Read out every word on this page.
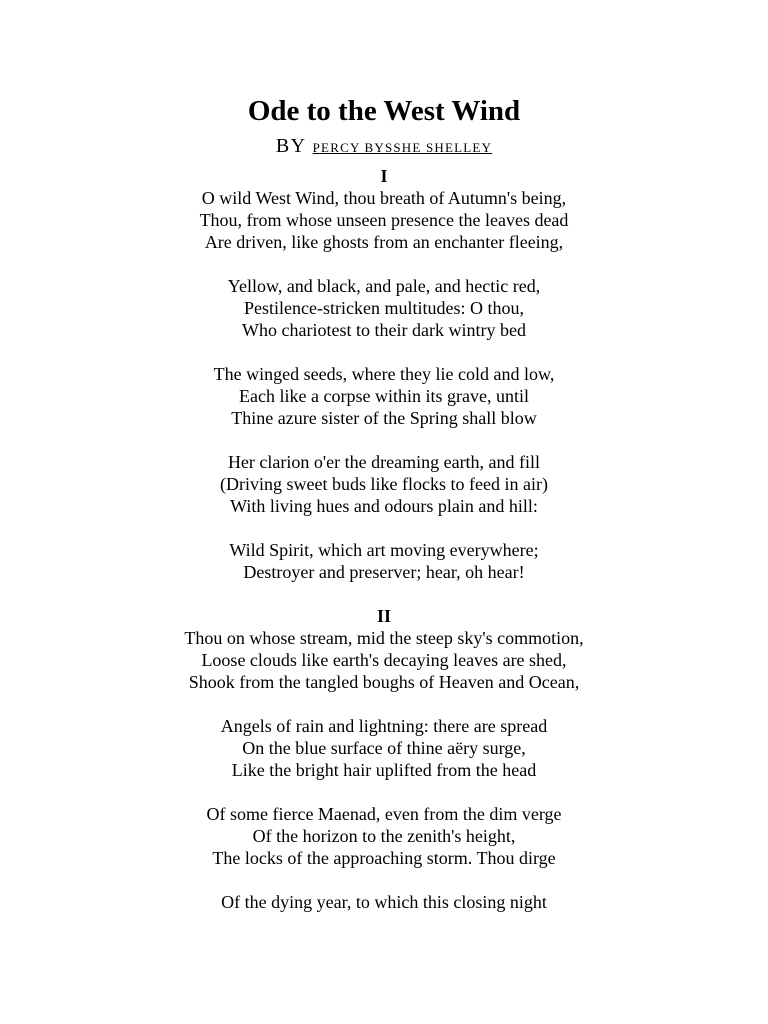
Ode to the West Wind
BY PERCY BYSSHE SHELLEY
I
O wild West Wind, thou breath of Autumn's being,
Thou, from whose unseen presence the leaves dead
Are driven, like ghosts from an enchanter fleeing,
Yellow, and black, and pale, and hectic red,
Pestilence-stricken multitudes: O thou,
Who chariotest to their dark wintry bed
The winged seeds, where they lie cold and low,
Each like a corpse within its grave, until
Thine azure sister of the Spring shall blow
Her clarion o'er the dreaming earth, and fill
(Driving sweet buds like flocks to feed in air)
With living hues and odours plain and hill:
Wild Spirit, which art moving everywhere;
Destroyer and preserver; hear, oh hear!
II
Thou on whose stream, mid the steep sky's commotion,
Loose clouds like earth's decaying leaves are shed,
Shook from the tangled boughs of Heaven and Ocean,
Angels of rain and lightning: there are spread
On the blue surface of thine aëry surge,
Like the bright hair uplifted from the head
Of some fierce Maenad, even from the dim verge
Of the horizon to the zenith's height,
The locks of the approaching storm. Thou dirge
Of the dying year, to which this closing night
